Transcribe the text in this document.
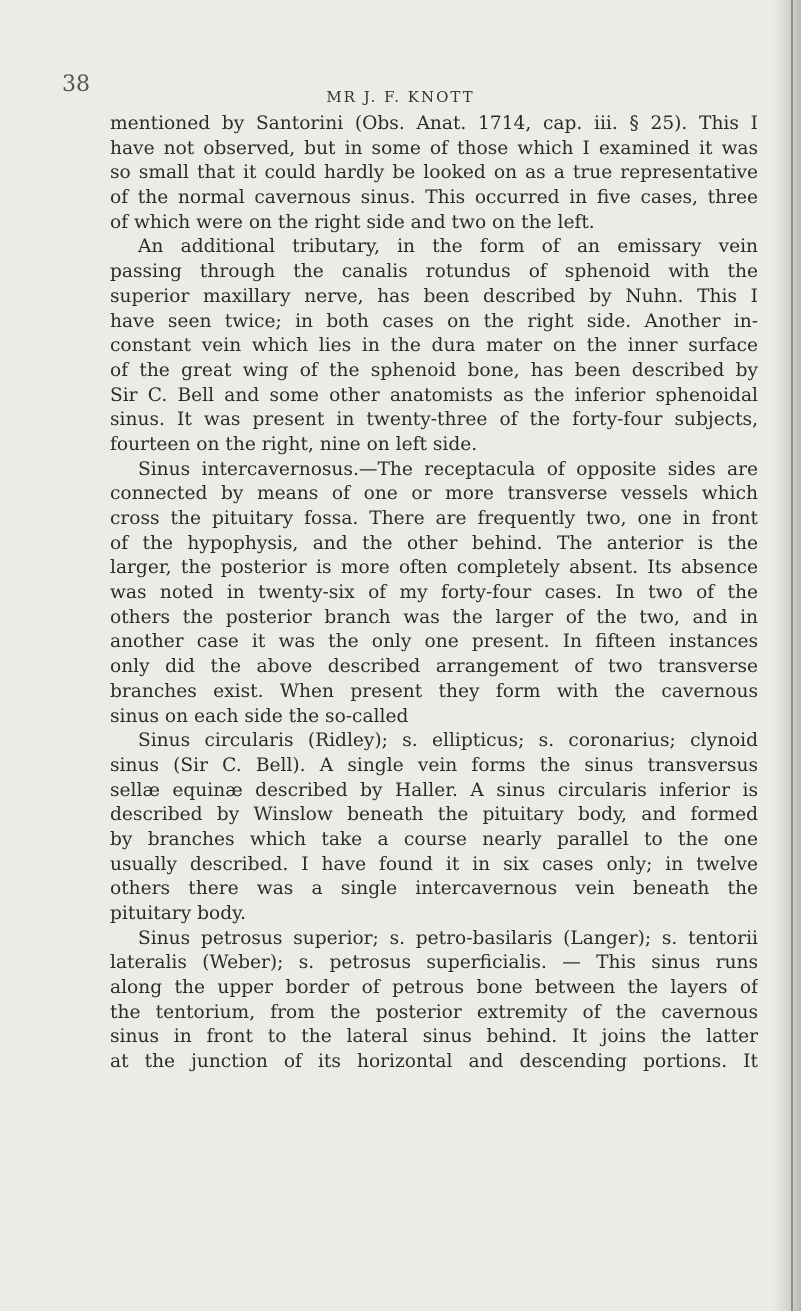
38	MR J. F. KNOTT
mentioned by Santorini (Obs. Anat. 1714, cap. iii. § 25). This I
have not observed, but in some of those which I examined it was
so small that it could hardly be looked on as a true representative
of the normal cavernous sinus. This occurred in five cases, three
of which were on the right side and two on the left.
An additional tributary, in the form of an emissary vein
passing through the canalis rotundus of sphenoid with the
superior maxillary nerve, has been described by Nuhn. This I
have seen twice; in both cases on the right side. Another in-
constant vein which lies in the dura mater on the inner surface
of the great wing of the sphenoid bone, has been described by
Sir C. Bell and some other anatomists as the inferior sphenoidal
sinus. It was present in twenty-three of the forty-four subjects,
fourteen on the right, nine on left side.
Sinus intercavernosus.—The receptacula of opposite sides are
connected by means of one or more transverse vessels which
cross the pituitary fossa. There are frequently two, one in front
of the hypophysis, and the other behind. The anterior is the
larger, the posterior is more often completely absent. Its absence
was noted in twenty-six of my forty-four cases. In two of the
others the posterior branch was the larger of the two, and in
another case it was the only one present. In fifteen instances
only did the above described arrangement of two transverse
branches exist. When present they form with the cavernous
sinus on each side the so-called
Sinus circularis (Ridley); s. ellipticus; s. coronarius; clynoid
sinus (Sir C. Bell). A single vein forms the sinus transversus
sellæ equinæ described by Haller. A sinus circularis inferior is
described by Winslow beneath the pituitary body, and formed
by branches which take a course nearly parallel to the one
usually described. I have found it in six cases only; in twelve
others there was a single intercavernous vein beneath the
pituitary body.
Sinus petrosus superior; s. petro-basilaris (Langer); s. tentorii
lateralis (Weber); s. petrosus superficialis. — This sinus runs
along the upper border of petrous bone between the layers of
the tentorium, from the posterior extremity of the cavernous
sinus in front to the lateral sinus behind. It joins the latter
at the junction of its horizontal and descending portions. It
